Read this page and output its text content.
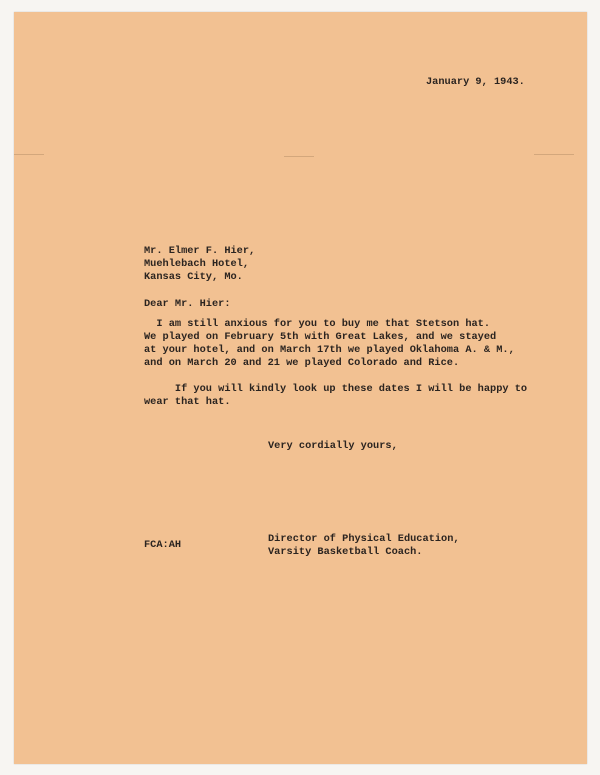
January 9, 1943.
Mr. Elmer F. Hier,
Muehlebach Hotel,
Kansas City, Mo.
Dear Mr. Hier:
I am still anxious for you to buy me that Stetson hat.
We played on February 5th with Great Lakes, and we stayed
at your hotel, and on March 17th we played Oklahoma A. & M.,
and on March 20 and 21 we played Colorado and Rice.

If you will kindly look up these dates I will be happy to
wear that hat.
Very cordially yours,
FCA:AH	Director of Physical Education,
Varsity Basketball Coach.
